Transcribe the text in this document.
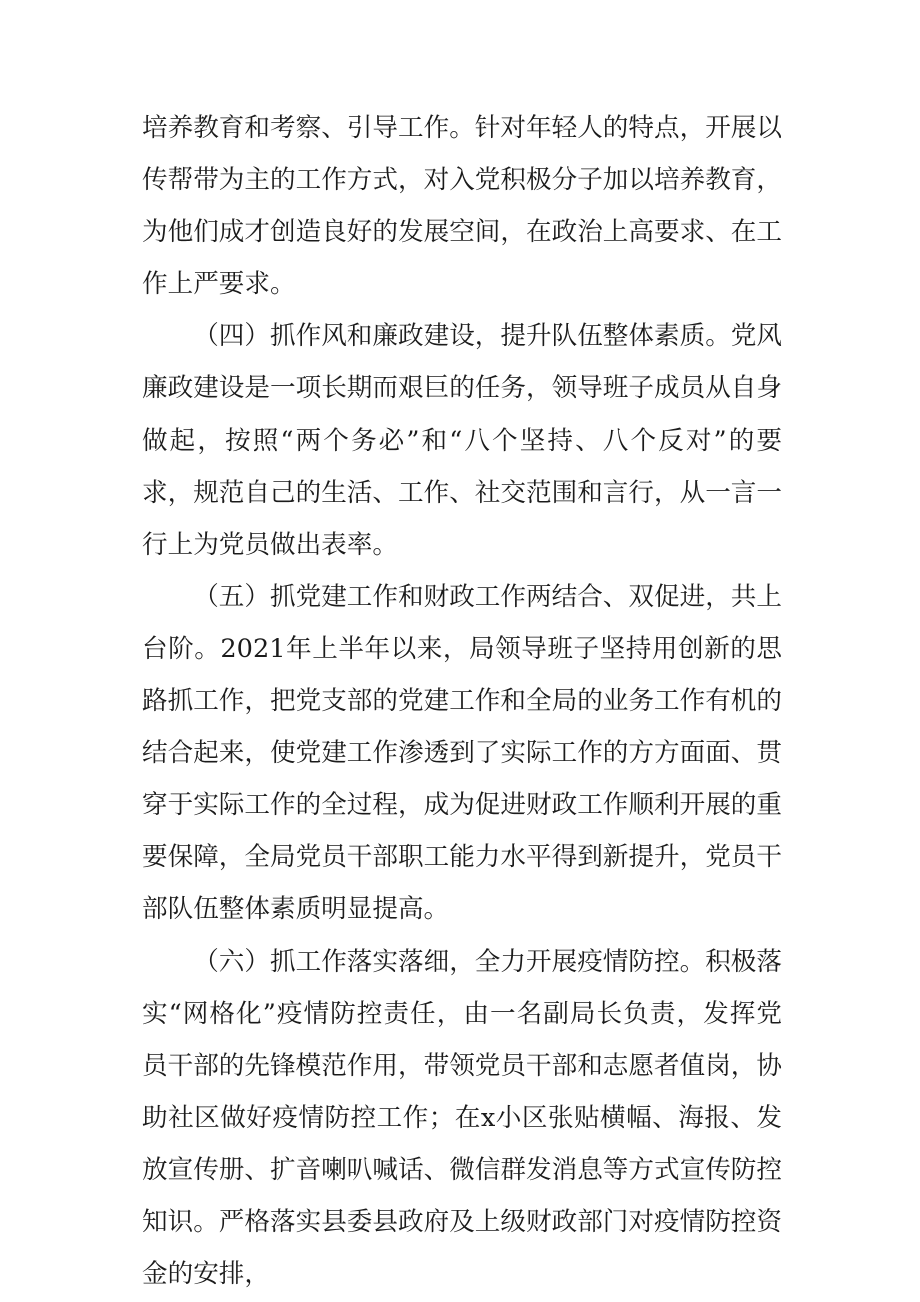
培养教育和考察、引导工作。针对年轻人的特点，开展以传帮带为主的工作方式，对入党积极分子加以培养教育，为他们成才创造良好的发展空间，在政治上高要求、在工作上严要求。

（四）抓作风和廉政建设，提升队伍整体素质。党风廉政建设是一项长期而艰巨的任务，领导班子成员从自身做起，按照“两个务必”和“八个坚持、八个反对”的要求，规范自己的生活、工作、社交范围和言行，从一言一行上为党员做出表率。

（五）抓党建工作和财政工作两结合、双促进，共上台阶。2021年上半年以来，局领导班子坚持用创新的思路抓工作，把党支部的党建工作和全局的业务工作有机的结合起来，使党建工作渗透到了实际工作的方方面面、贯穿于实际工作的全过程，成为促进财政工作顺利开展的重要保障，全局党员干部职工能力水平得到新提升，党员干部队伍整体素质明显提高。

（六）抓工作落实落细，全力开展疫情防控。积极落实“网格化”疫情防控责任，由一名副局长负责，发挥党员干部的先锋模范作用，带领党员干部和志愿者值岗，协助社区做好疫情防控工作；在x小区张贴横幅、海报、发放宣传册、扩音喇叭喊话、微信群发消息等方式宣传防控知识。严格落实县委县政府及上级财政部门对疫情防控资金的安排，
